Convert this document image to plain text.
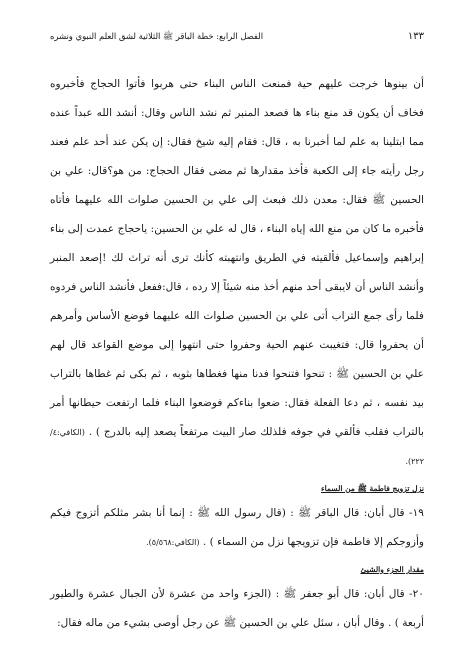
١٣٣
الفصل الرابع: خطة الباقر ﷺ الثلاثية لشق العلم النبوي ونشره

أن بينوها خرجت عليهم حية فمنعت الناس البناء حتى هربوا فأتوا الحجاج فأخبروه فخاف أن يكون قد منع بناء ها فصعد المنبر ثم نشد الناس وقال: أنشد الله عبداً عنده مما ابتلينا به علم لما أخبرنا به ، قال: فقام إليه شيخ فقال: إن يكن عند أحد علم فعند رجل رأيته جاء إلى الكعبة فأخذ مقدارها ثم مضى فقال الحجاج: من هو؟قال: علي بن الحسين ﷺ فقال: معدن ذلك فبعث إلى علي بن الحسين صلوات الله عليهما فأتاه فأخبره ما كان من منع الله إياه البناء ، قال له علي بن الحسين: ياحجاج عمدت إلى بناء إبراهيم وإسماعيل فألقيته في الطريق وانتهبته كأنك ترى أنه تراث لك !إصعد المنبر وأنشد الناس أن لايبقى أحد منهم أخذ منه شيئاً إلا رده ، قال:ففعل فأنشد الناس فردوه فلما رأى جمع التراب أتى علي بن الحسين صلوات الله عليهما فوضع الأساس وأمرهم أن يحفروا قال: فتغيبت عنهم الحية وحفروا حتى انتهوا إلى موضع القواعد قال لهم علي بن الحسين ﷺ : تنحوا فتنحوا فدنا منها فغطاها بثوبه ، ثم بكى ثم غطاها بالتراب بيد نفسه ، ثم دعا الفعلة فقال: ضعوا بناءكم فوضعوا البناء فلما ارتفعت حيطانها أمر بالتراب فقلب فألقي في جوفه فلذلك صار البيت مرتفعاً يصعد إليه بالدرج ) . (الكافي:٤/ ٢٢٢).

نزل تزويج فاطمة ﷺ من السماء

١٩- قال أبان: قال الباقر ﷺ : (قال رسول الله ﷺ : إنما أنا بشر مثلكم أتزوج فيكم وأزوجكم إلا فاطمة فإن تزويجها نزل من السماء ) . (الكافي:٥/٥٦٨).

مقدار الجزء والشيئ

٢٠- قال أبان: قال أبو جعفر ﷺ : (الجزء واحد من عشرة لأن الجبال عشرة والطيور أربعة ) . وقال أبان ، سئل علي بن الحسين ﷺ عن رجل أوصى بشيء من ماله فقال:
